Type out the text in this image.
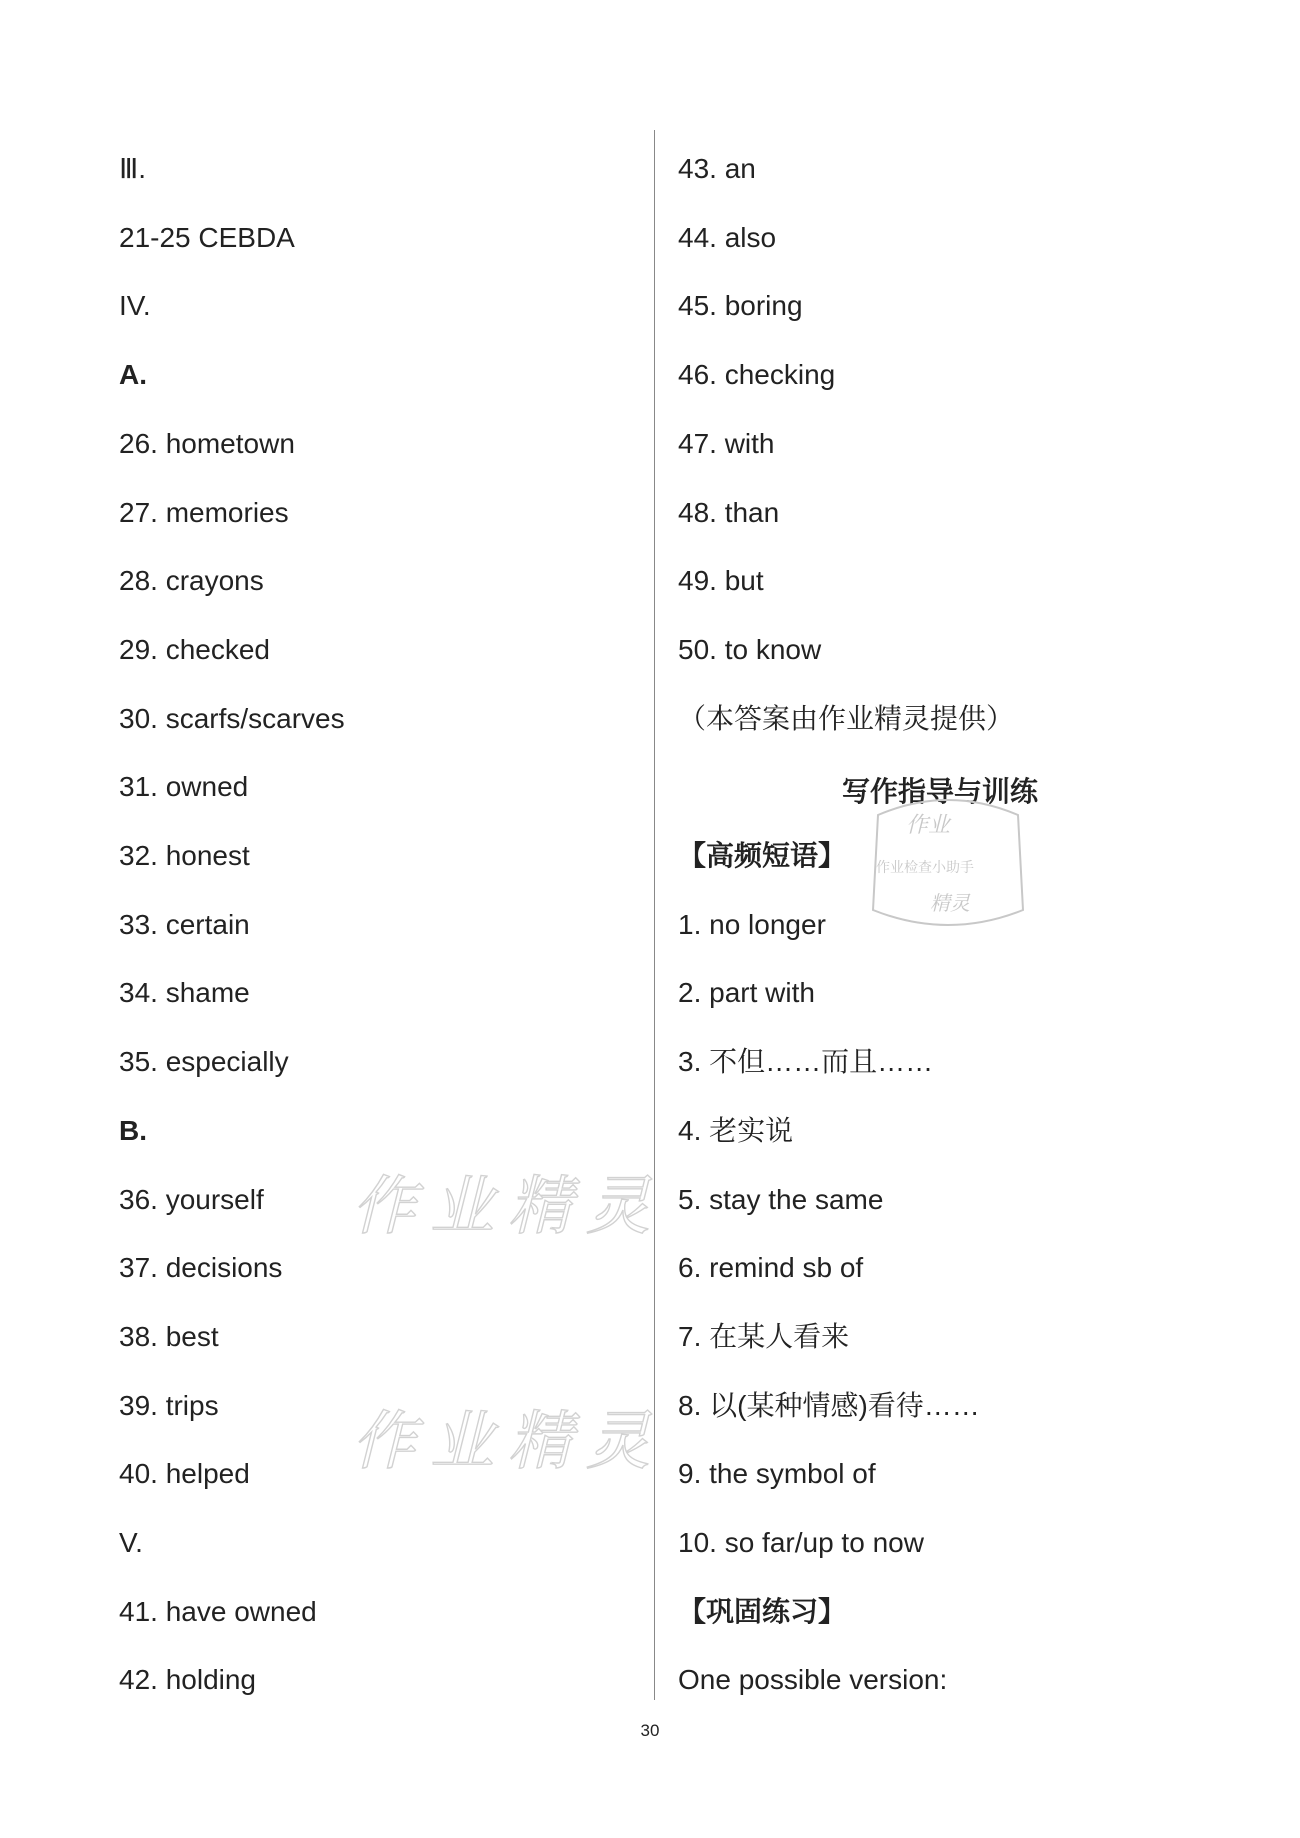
Ⅲ.
21-25 CEBDA
IV.
A.
26. hometown
27. memories
28. crayons
29. checked
30. scarfs/scarves
31. owned
32. honest
33. certain
34. shame
35. especially
B.
36. yourself
37. decisions
38. best
39. trips
40. helped
V.
41. have owned
42. holding
43. an
44. also
45. boring
46. checking
47. with
48. than
49. but
50. to know
（本答案由作业精灵提供）
【高频短语】
1. no longer
2. part with
3. 不但……而且……
4. 老实说
5. stay the same
6. remind sb of
7. 在某人看来
8. 以(某种情感)看待……
9. the symbol of
10. so far/up to now
【巩固练习】
One possible version:
写作指导与训练
作业精灵
作业精灵
作业
作业检查小助手
精灵
30
